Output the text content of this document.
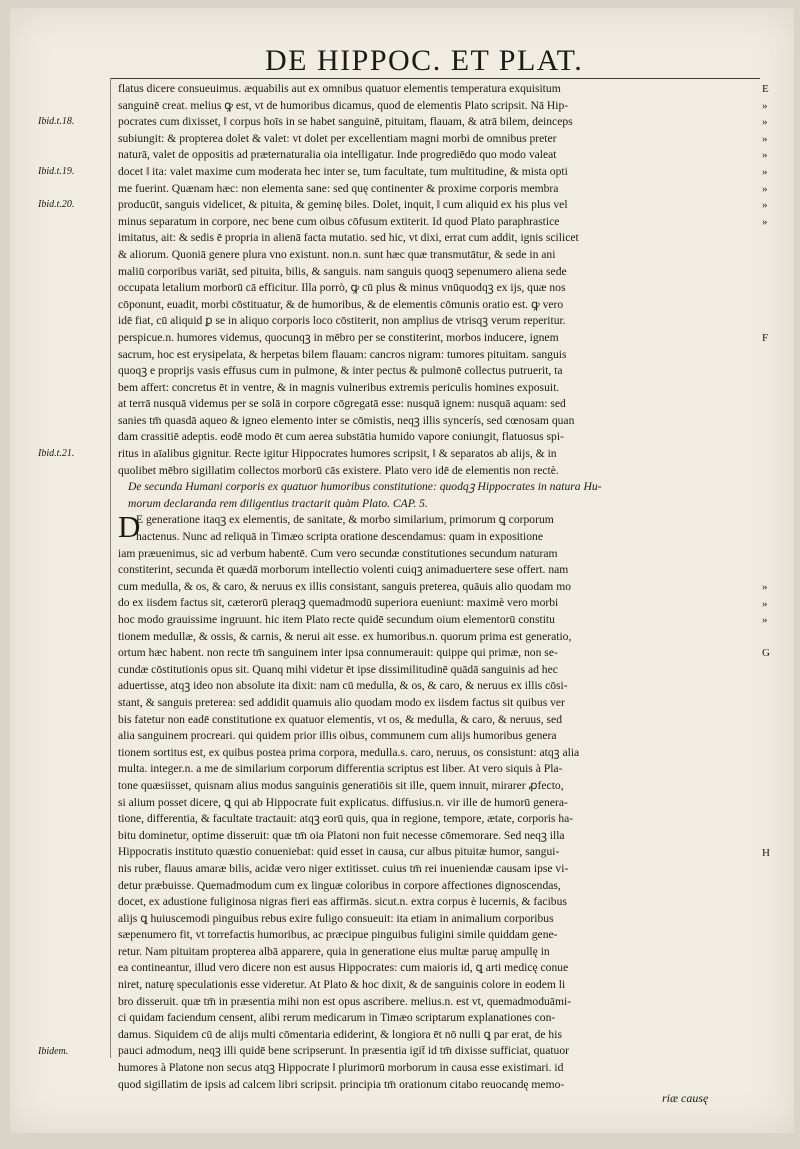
DE HIPPOC. ET PLAT.
Ibid.t.18.
Ibid.t.19.
Ibid.t.20.
Ibid.t.21.
Ibidem.
flatus dicere consueuimus. æquabilis aut ex omnibus quatuor elementis temperatura exquisitum
sanguinē creat. melius ꝙ est, vt de humoribus dicamus, quod de elementis Plato scripsit. Nā Hip-
pocrates cum dixisset, ‖ corpus hoīs in se habet sanguinē, pituitam, flauam, & atrā bilem, deinceps
subiungit: & propterea dolet & valet: vt dolet per excellentiam magni morbi de omnibus preter
naturā, valet de oppositis ad præternaturalia oia intelligatur. Inde progrediēdo quo modo valeat
docet ‖ ita: valet maxime cum moderata hec inter se, tum facultate, tum multitudine, & mista opti
me fuerint. Quænam hæc: non elementa sane: sed quę continenter & proxime corporis membra
producūt, sanguis videlicet, & pituita, & geminę biles. Dolet, inquit, ‖ cum aliquid ex his plus vel
minus separatum in corpore, nec bene cum oibus cōfusum extiterit. Id quod Plato paraphrastice
imitatus, ait: & sedis ē propria in alienā facta mutatio. sed hic, vt dixi, errat cum addit, ignis scilicet
& aliorum. Quoniā genere plura vno existunt. non.n. sunt hæc quæ transmutātur, & sede in ani
maliū corporibus variāt, sed pituita, bilis, & sanguis. nam sanguis quoqꝫ sepenumero aliena sede
occupata letalium morborū cā efficitur. Illa porrò, ꝙ cū plus & minus vnūquodqꝫ ex ijs, quæ nos
cōponunt, euadit, morbi cōstituatur, & de humoribus, & de elementis cōmunis oratio est. ꝙ vero
idē fiat, cū aliquid ꝑ se in aliquo corporis loco cōstiterit, non amplius de vtrisqꝫ verum reperitur.
perspicue.n. humores videmus, quocunqꝫ in mēbro per se constiterint, morbos inducere, ignem
sacrum, hoc est erysipelata, & herpetas bilem flauam: cancros nigram: tumores pituitam. sanguis
quoqꝫ e proprijs vasis effusus cum in pulmone, & inter pectus & pulmonē collectus putruerit, ta
bem affert: concretus ēt in ventre, & in magnis vulneribus extremis periculis homines exposuit.
at terrā nusquā videmus per se solā in corpore cōgregatā esse: nusquā ignem: nusquā aquam: sed
sanies tm̄ quasdā aqueo & igneo elemento inter se cōmistis, neqꝫ illis syncerís, sed cœnosam quan
dam crassitiē adeptis. eodē modo ēt cum aerea substātia humido vapore coniungit, flatuosus spi-
ritus in aīalibus gignitur. Recte igitur Hippocrates humores scripsit, ‖ & separatos ab alijs, & in
quolibet mēbro sigillatim collectos morborū cās existere. Plato vero idē de elementis non rectè.
De secunda Humani corporis ex quatuor humoribus constitutione: quodqꝫ Hippocrates in natura Hu-
morum declaranda rem diligentius tractarit quàm Plato. CAP. 5.
E generatione itaqꝫ ex elementis, de sanitate, & morbo similarium, primorum ꝗ corporum
D
hactenus. Nunc ad reliquā in Timæo scripta oratione descendamus: quam in expositione
iam præuenimus, sic ad verbum habentē. Cum vero secundæ constitutiones secundum naturam
constiterint, secunda ēt quædā morborum intellectio volenti cuiqꝫ animaduertere sese offert. nam
cum medulla, & os, & caro, & neruus ex illis consistant, sanguis preterea, quāuis alio quodam mo
do ex iisdem factus sit, cæterorū pleraqꝫ quemadmodū superiora eueniunt: maximè vero morbi
hoc modo grauissime ingruunt. hic item Plato recte quidē secundum oium elementorū constitu
tionem medullæ, & ossis, & carnis, & nerui ait esse. ex humoribus.n. quorum prima est generatio,
ortum hæc habent. non recte tm̄ sanguinem inter ipsa connumerauit: quippe qui primæ, non se-
cundæ cōstitutionis opus sit. Quanq mihi videtur ēt ipse dissimilitudinē quādā sanguinis ad hec
aduertisse, atqꝫ ideo non absolute ita dixit: nam cū medulla, & os, & caro, & neruus ex illis cōsi-
stant, & sanguis preterea: sed addidit quamuis alio quodam modo ex iisdem factus sit quibus ver
bis fatetur non eadē constitutione ex quatuor elementis, vt os, & medulla, & caro, & neruus, sed
alia sanguinem procreari. qui quidem prior illis oibus, communem cum alijs humoribus genera
tionem sortitus est, ex quibus postea prima corpora, medulla.s. caro, neruus, os consistunt: atqꝫ alia
multa. integer.n. a me de similarium corporum differentia scriptus est liber. At vero siquis à Pla-
tone quæsiisset, quisnam alius modus sanguinis generatiōis sit ille, quem innuit, mirarer ꝓfecto,
si alium posset dicere, ꝗ qui ab Hippocrate fuit explicatus. diffusius.n. vir ille de humorū genera-
tione, differentia, & facultate tractauit: atqꝫ eorū quis, qua in regione, tempore, ætate, corporis ha-
bitu dominetur, optime disseruit: quæ tm̄ oia Platoni non fuit necesse cōmemorare. Sed neqꝫ illa
Hippocratis instituto quæstio conueniebat: quid esset in causa, cur albus pituitæ humor, sangui-
nis ruber, flauus amaræ bilis, acidæ vero niger extitisset. cuius tm̄ rei inueniendæ causam ipse vi-
detur præbuisse. Quemadmodum cum ex linguæ coloribus in corpore affectiones dignoscendas,
docet, ex adustione fuliginosa nigras fieri eas affirmās. sicut.n. extra corpus è lucernis, & facibus
alijs ꝗ huiuscemodi pinguibus rebus exire fuligo consueuit: ita etiam in animalium corporibus
sæpenumero fit, vt torrefactis humoribus, ac præcipue pinguibus fuligini simile quiddam gene-
retur. Nam pituitam propterea albā apparere, quia in generatione eius multæ paruę ampullę in
ea contineantur, illud vero dicere non est ausus Hippocrates: cum maioris id, ꝗ arti medicę conue
niret, naturę speculationis esse videretur. At Plato & hoc dixit, & de sanguinis colore in eodem li
bro disseruit. quæ tm̄ in præsentia mihi non est opus ascribere. melius.n. est vt, quemadmoduāmi-
ci quidam faciendum censent, alibi rerum medicarum in Timæo scriptarum explanationes con-
damus. Siquidem cū de alijs multi cōmentaria ediderint, & longiora ēt nō nulli ꝗ par erat, de his
pauci admodum, neqꝫ illi quidē bene scripserunt. In præsentia igit̄ id tm̄ dixisse sufficiat, quatuor
humores à Platone non secus atqꝫ Hippocrate ‖ plurimorū morborum in causa esse existimari. id
quod sigillatim de ipsis ad calcem libri scripsit. principia tm̄ orationum citabo reuocandę memo-
E
»
»
»
»
»
»
»
»
F
»
»
»
G
H
riæ causę
